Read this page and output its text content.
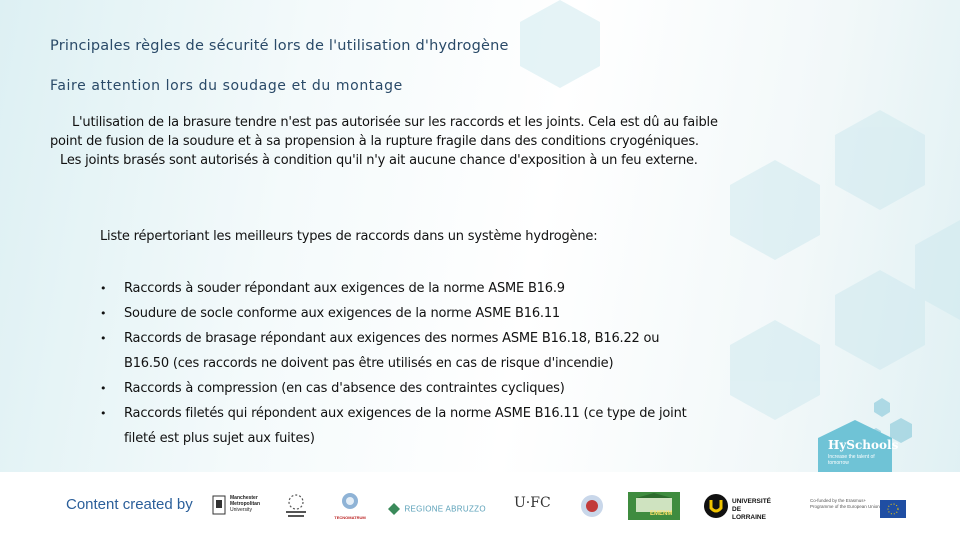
Principales règles de sécurité lors de l'utilisation d'hydrogène
Faire attention lors du soudage et du montage

L'utilisation de la brasure tendre n'est pas autorisée sur les raccords et les joints. Cela est dû au faible point de fusion de la soudure et à sa propension à la rupture fragile dans des conditions cryogéniques.

Les joints brasés sont autorisés à condition qu'il n'y ait aucune chance d'exposition à un feu externe.

Liste répertoriant les meilleurs types de raccords dans un système hydrogène:
• Raccords à souder répondant aux exigences de la norme ASME B16.9
• Soudure de socle conforme aux exigences de la norme ASME B16.11
• Raccords de brasage répondant aux exigences des normes ASME B16.18, B16.22 ou B16.50 (ces raccords ne doivent pas être utilisés en cas de risque d'incendie)
• Raccords à compression (en cas d'absence des contraintes cycliques)
• Raccords filetés qui répondent aux exigences de la norme ASME B16.11 (ce type de joint fileté est plus sujet aux fuites)	HySchools
Increase the talent of tomorrow
Content created by	Manchester
Metropolitan
University
TECNOMATRUM
REGIONE ABRUZZO U·FC
EMENM
UNIVERSITÉ
DE LORRAINE
Co-funded by the Erasmus+ Programme of the European Union
